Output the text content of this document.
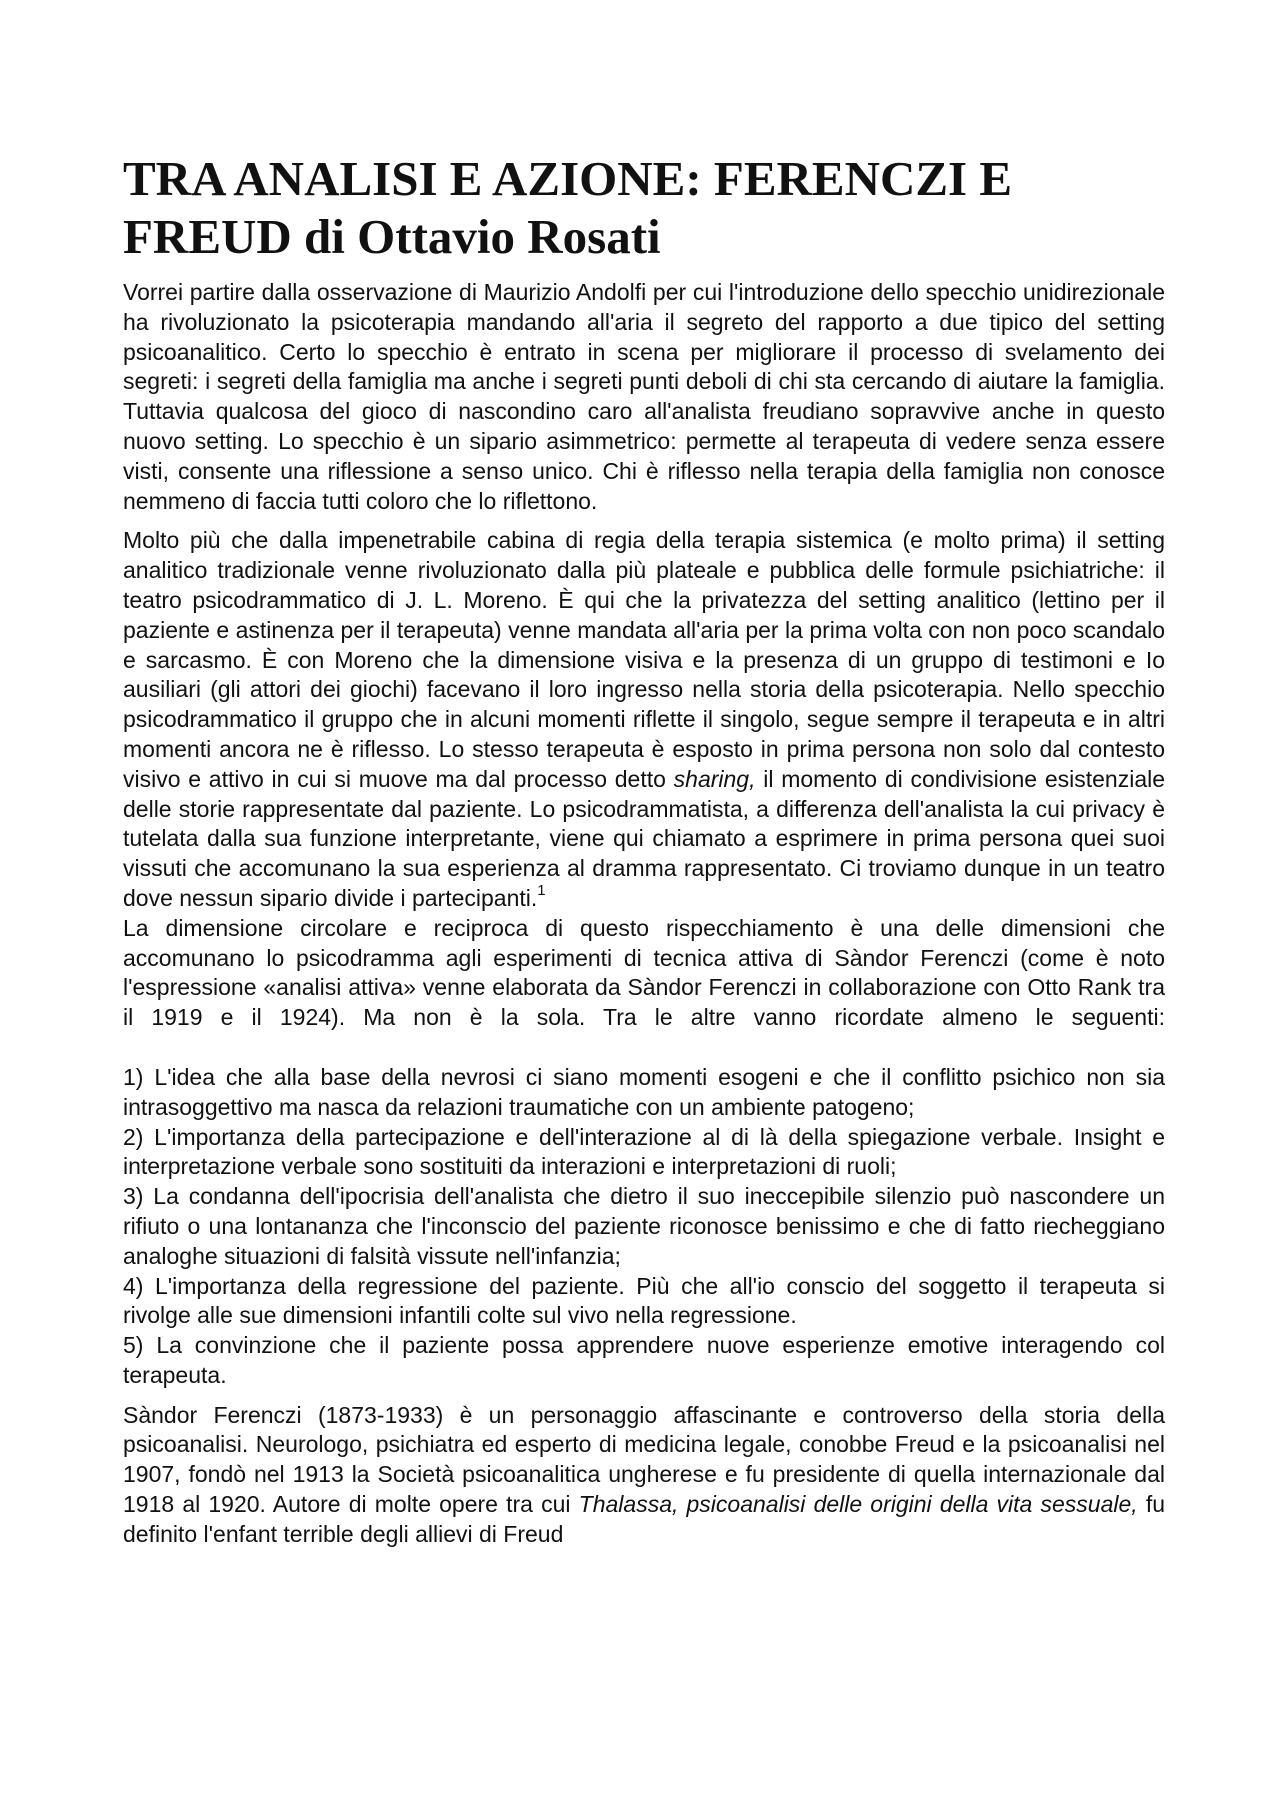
TRA ANALISI E AZIONE: FERENCZI E FREUD di Ottavio Rosati

Vorrei partire dalla osservazione di Maurizio Andolfi per cui l'introduzione dello specchio unidirezionale ha rivoluzionato la psicoterapia mandando all'aria il segreto del rapporto a due tipico del setting psicoanalitico. Certo lo specchio è entrato in scena per migliorare il processo di svelamento dei segreti: i segreti della famiglia ma anche i segreti punti deboli di chi sta cercando di aiutare la famiglia. Tuttavia qualcosa del gioco di nascondino caro all'analista freudiano sopravvive anche in questo nuovo setting. Lo specchio è un sipario asimmetrico: permette al terapeuta di vedere senza essere visti, consente una riflessione a senso unico. Chi è riflesso nella terapia della famiglia non conosce nemmeno di faccia tutti coloro che lo riflettono.

Molto più che dalla impenetrabile cabina di regia della terapia sistemica (e molto prima) il setting analitico tradizionale venne rivoluzionato dalla più plateale e pubblica delle formule psichiatriche: il teatro psicodrammatico di J. L. Moreno. È qui che la privatezza del setting analitico (lettino per il paziente e astinenza per il terapeuta) venne mandata all'aria per la prima volta con non poco scandalo e sarcasmo. È con Moreno che la dimensione visiva e la presenza di un gruppo di testimoni e Io ausiliari (gli attori dei giochi) facevano il loro ingresso nella storia della psicoterapia. Nello specchio psicodrammatico il gruppo che in alcuni momenti riflette il singolo, segue sempre il terapeuta e in altri momenti ancora ne è riflesso. Lo stesso terapeuta è esposto in prima persona non solo dal contesto visivo e attivo in cui si muove ma dal processo detto sharing, il momento di condivisione esistenziale delle storie rappresentate dal paziente. Lo psicodrammatista, a differenza dell'analista la cui privacy è tutelata dalla sua funzione interpretante, viene qui chiamato a esprimere in prima persona quei suoi vissuti che accomunano la sua esperienza al dramma rappresentato. Ci troviamo dunque in un teatro dove nessun sipario divide i partecipanti.$^1$

La dimensione circolare e reciproca di questo rispecchiamento è una delle dimensioni che accomunano lo psicodramma agli esperimenti di tecnica attiva di Sàndor Ferenczi (come è noto l'espressione «analisi attiva» venne elaborata da Sàndor Ferenczi in collaborazione con Otto Rank tra il 1919 e il 1924). Ma non è la sola. Tra le altre vanno ricordate almeno le seguenti:

1) L'idea che alla base della nevrosi ci siano momenti esogeni e che il conflitto psichico non sia intrasoggettivo ma nasca da relazioni traumatiche con un ambiente patogeno;

2) L'importanza della partecipazione e dell'interazione al di là della spiegazione verbale. Insight e interpretazione verbale sono sostituiti da interazioni e interpretazioni di ruoli;

3) La condanna dell'ipocrisia dell'analista che dietro il suo ineccepibile silenzio può nascondere un rifiuto o una lontananza che l'inconscio del paziente riconosce benissimo e che di fatto riecheggiano analoghe situazioni di falsità vissute nell'infanzia;

4) L'importanza della regressione del paziente. Più che all'io conscio del soggetto il terapeuta si rivolge alle sue dimensioni infantili colte sul vivo nella regressione.

5) La convinzione che il paziente possa apprendere nuove esperienze emotive interagendo col terapeuta.

Sàndor Ferenczi (1873-1933) è un personaggio affascinante e controverso della storia della psicoanalisi. Neurologo, psichiatra ed esperto di medicina legale, conobbe Freud e la psicoanalisi nel 1907, fondò nel 1913 la Società psicoanalitica ungherese e fu presidente di quella internazionale dal 1918 al 1920. Autore di molte opere tra cui Thalassa, psicoanalisi delle origini della vita sessuale, fu definito l'enfant terrible degli allievi di Freud
